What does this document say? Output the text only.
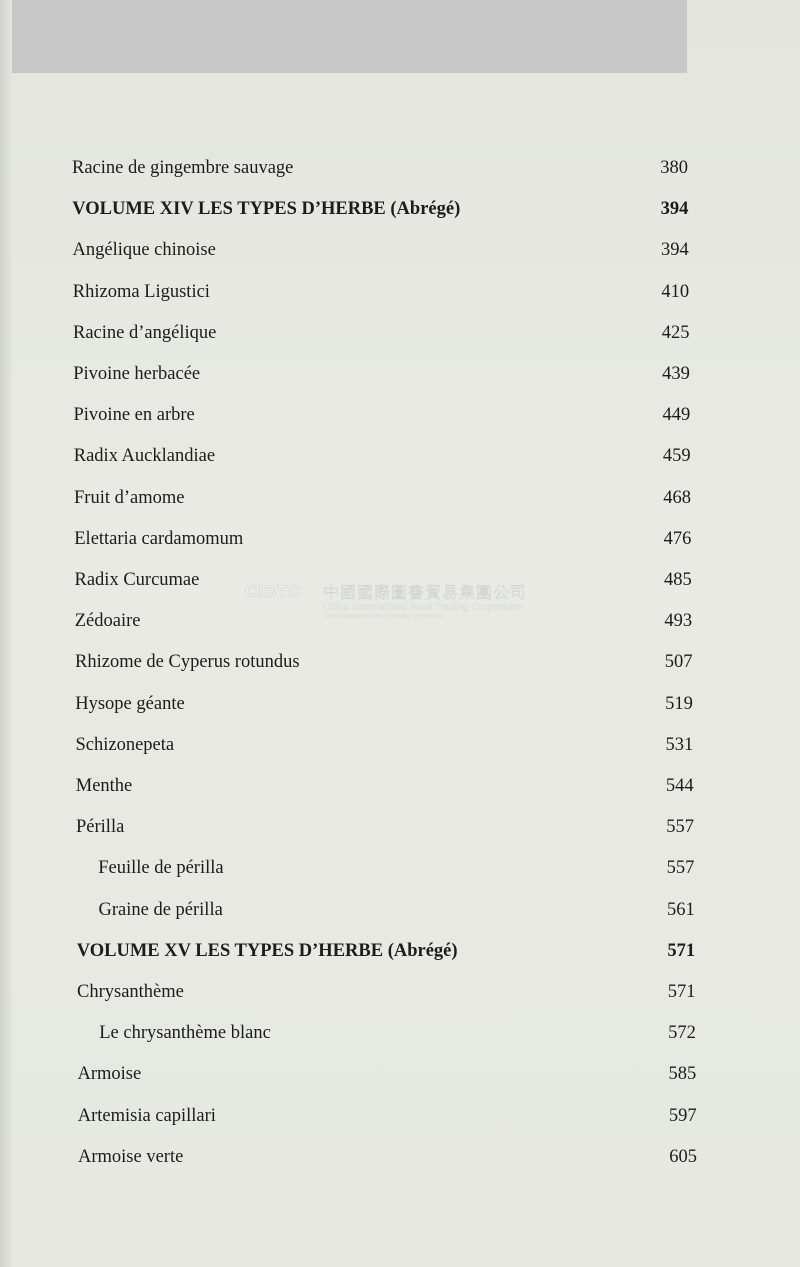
Racine de gingembre sauvage	380
VOLUME XIV LES TYPES D’HERBE (Abrégé)	394
Angélique chinoise	394
Rhizoma Ligustici	410
Racine d’angélique	425
Pivoine herbacée	439
Pivoine en arbre	449
Radix Aucklandiae	459
Fruit d’amome	468
Elettaria cardamomum	476
Radix Curcumae	485
Zédoaire	493
Rhizome de Cyperus rotundus	507
Hysope géante	519
Schizonepeta	531
Menthe	544
Périlla	557
Feuille de périlla	557
Graine de périlla	561
VOLUME XV LES TYPES D’HERBE (Abrégé)	571
Chrysanthème	571
Le chrysanthème blanc	572
Armoise	585
Artemisia capillari	597
Armoise verte	605
CIBTC 中國國際圖書貿易集團公司
China International Book Trading Corporation
China International Book Trading Corporation
